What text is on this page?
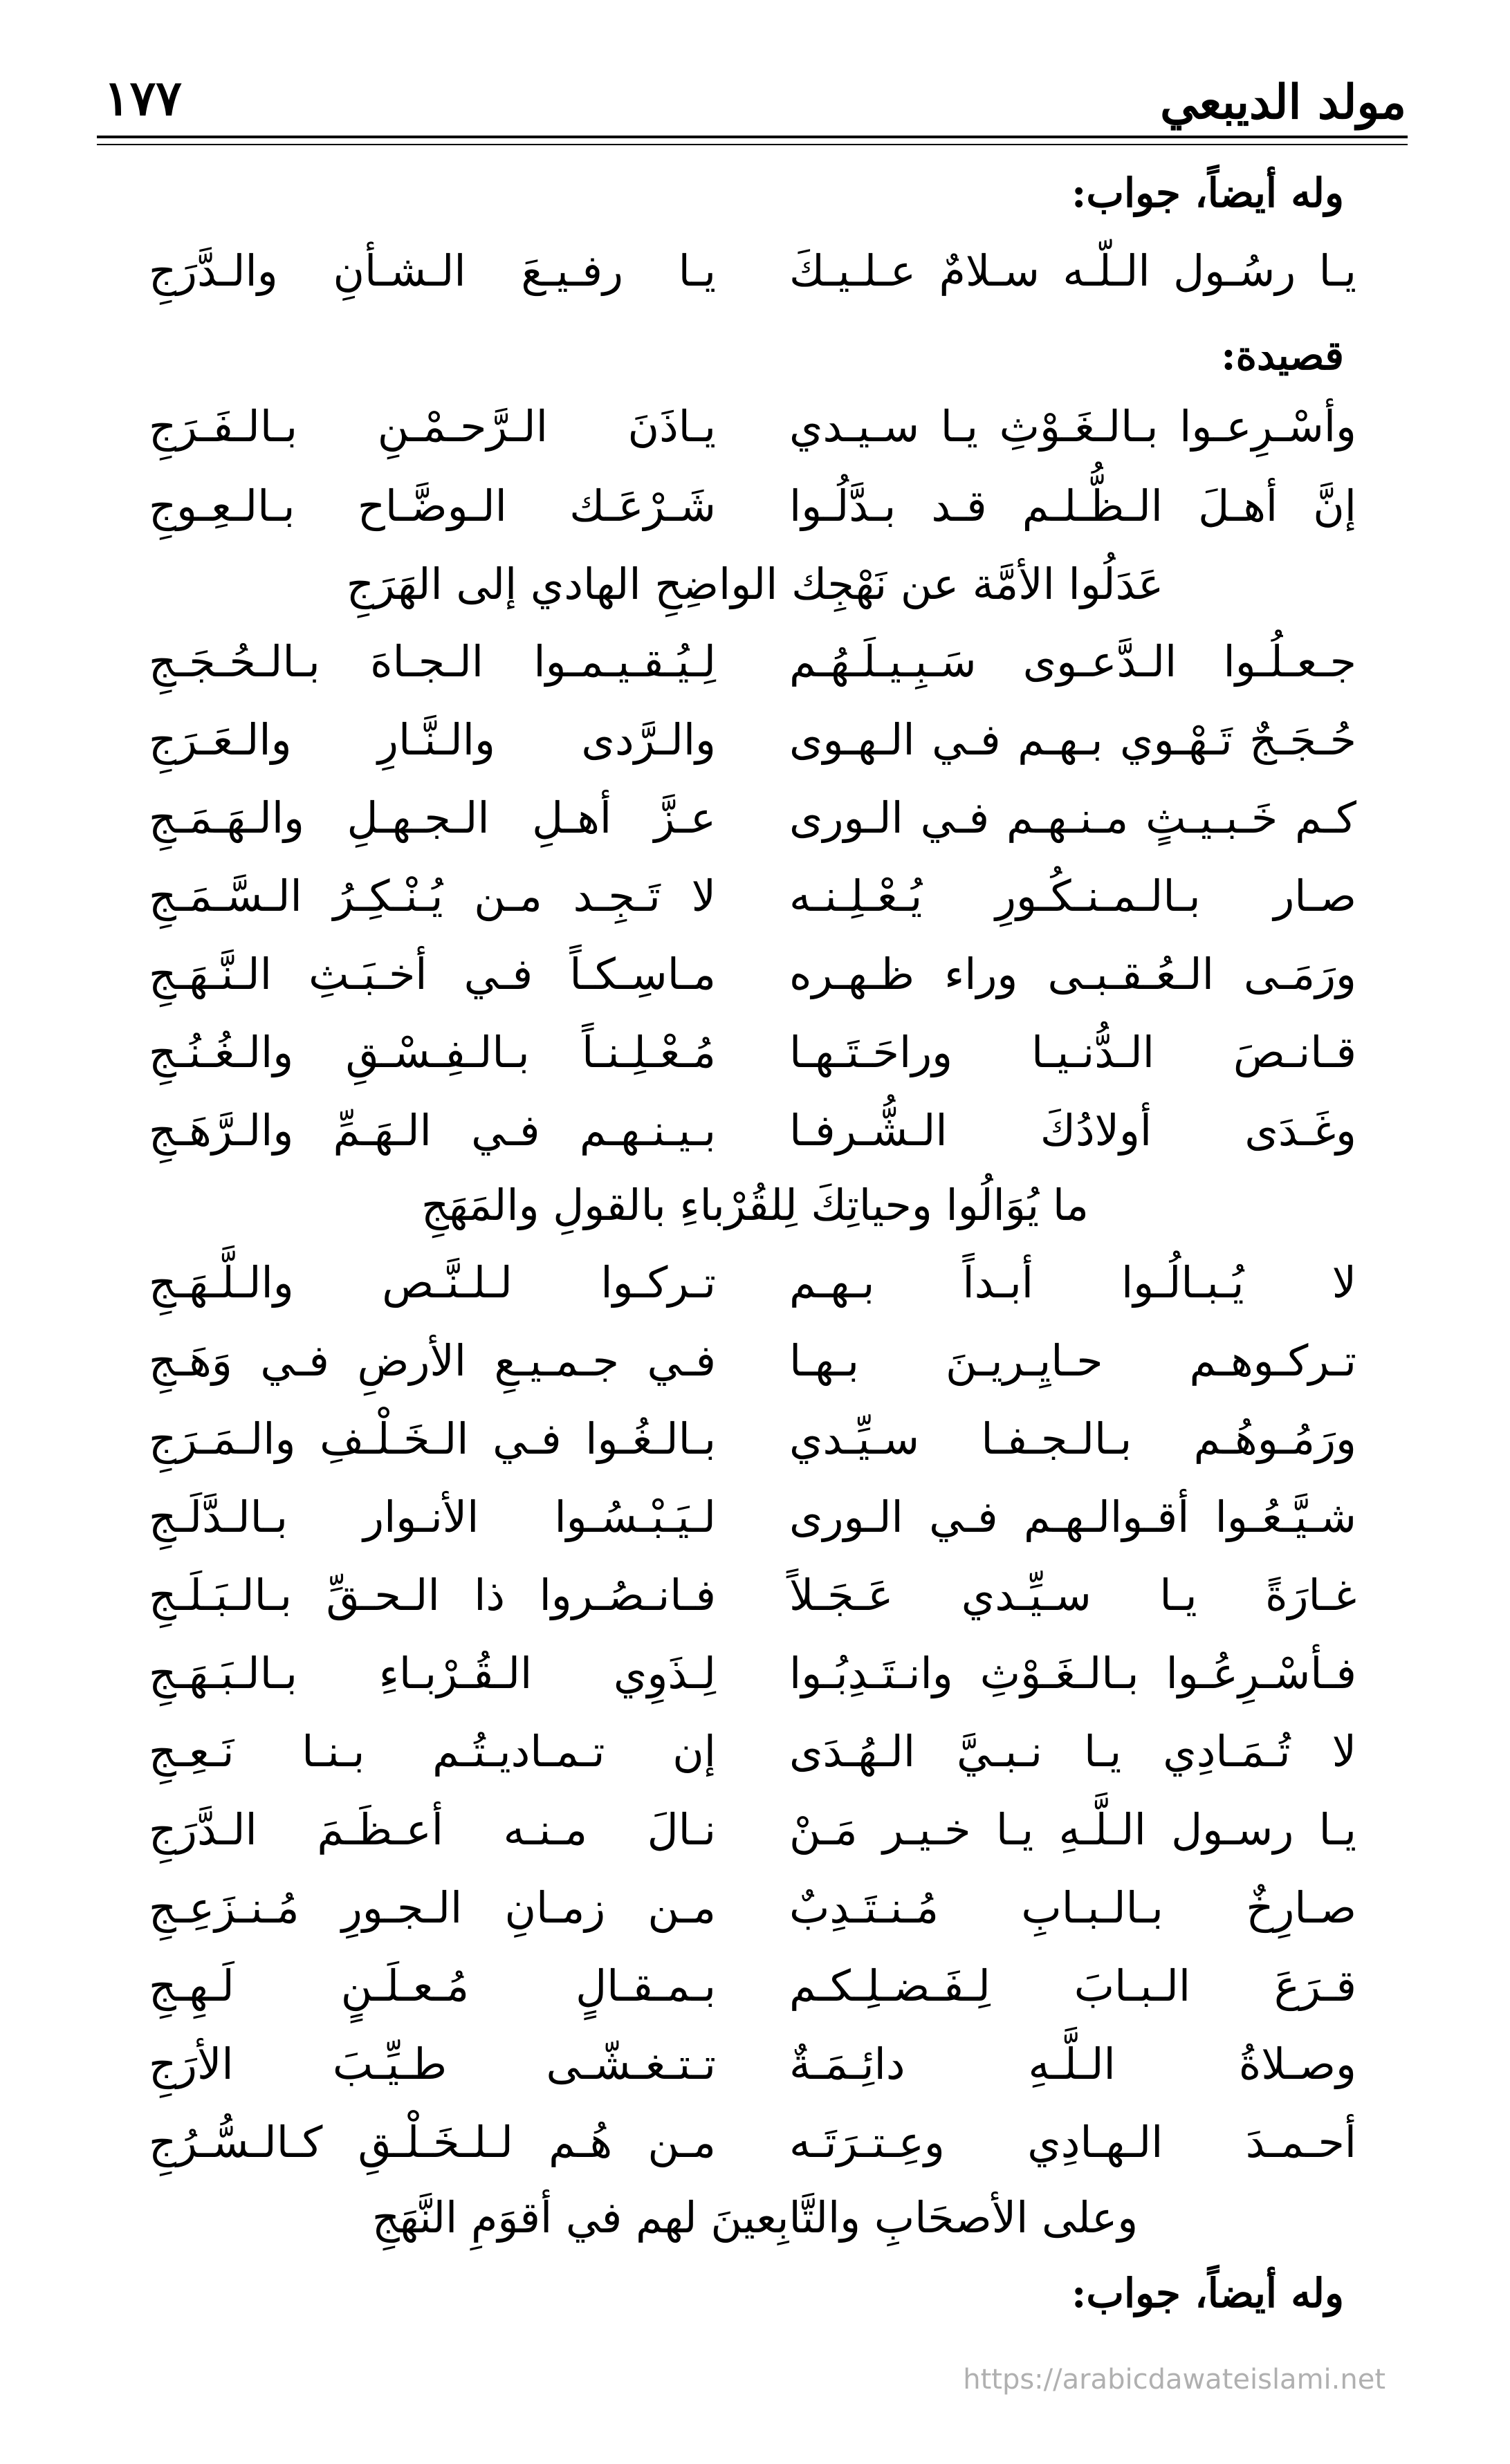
مولد الديبعي
١٧٧
وله أيضاً، جواب:
يـا رسُـول الـلّـه سـلامٌ عـلـيـكَ
يـا رفـيـعَ الـشـأنِ والـدَّرَجِ
قصيدة:
وأسْـرِعـوا بـالـغَـوْثِ يـا سـيـدي
يـاذَنَ الـرَّحـمْـنِ بـالـفَـرَجِ
إنَّ أهـلَ الـظُّـلـم قـد بـدَّلُـوا
شَـرْعَـك الـوضَّـاح بـالـعِـوجِ
عَدَلُوا الأمَّة عن نَهْجِك الواضِحِ الهادي إلى الهَرَجِ
جـعـلُـوا الـدَّعـوى سَـبِـيـلَـهُـم
لِـيُـقـيـمـوا الـجـاهَ بـالـحُـجَـجِ
حُـجَـجٌ تَـهْـوي بـهـم فـي الـهـوى
والـرَّدى والـنَّـارِ والـعَـرَجِ
كـم خَـبـيـثٍ مـنـهـم فـي الـورى
عـزَّ أهـلِ الـجـهـلِ والـهَـمَـجِ
صـار بـالـمـنـكُـورِ يُـعْـلِـنـه
لا تَـجِـد مـن يُـنْـكِـرُ الـسَّـمَـجِ
ورَمَـى الـعُـقـبـى وراء ظـهـره
مـاسِـكـاً فـي أخـبَـثِ الـنَّـهَـجِ
قـانـصَ الـدُّنـيـا وراحَـتَـهـا
مُـعْـلِـنـاً بـالـفِـسْـقِ والـغُـنُـجِ
وغَـدَى أولادُكَ الـشُّـرفـا
بـيـنـهـم فـي الـهَـمِّ والـرَّهَـجِ
ما يُوَالُوا وحياتِكَ لِلقُرْباءِ بالقولِ والمَهَجِ
لا يُـبـالُـوا أبـداً بـهـم
تـركـوا لـلـنَّـص والـلَّـهَـجِ
تـركـوهـم حـايِـريـنَ بـهـا
فـي جـمـيـعِ الأرضِ فـي وَهَـجِ
ورَمُـوهُـم بـالـجـفـا سـيِّـدي
بـالـغُـوا فـي الـخَـلْـفِ والـمَـرَجِ
شـيَّـعُـوا أقـوالـهـم فـي الـورى
لـيَـبْـسُـوا الأنـوار بـالـدَّلَـجِ
غـارَةً يـا سـيِّـدي عَـجَـلاً
فـانـصُـروا ذا الـحـقِّ بـالـبَـلَـجِ
فـأسْـرِعُـوا بـالـغَـوْثِ وانـتَـدِبُـوا
لِـذَوِي الـقُـرْبـاءِ بـالـبَـهَـجِ
لا تُـمَـادِي يـا نـبـيَّ الـهُـدَى
إن تـمـاديـتُـم بـنـا نَـعِـجِ
يـا رسـول الـلَّـهِ يـا خـيـر مَـنْ
نـالَ مـنـه أعـظَـمَ الـدَّرَجِ
صـارِخٌ بـالـبـابِ مُـنـتَـدِبٌ
مـن زمـانِ الـجـورِ مُـنـزَعِـجِ
قـرَعَ الـبـابَ لِـفَـضـلِـكـم
بـمـقـالٍ مُـعـلَـنٍ لَـهِـجِ
وصـلاةُ الـلَّـهِ دائِـمَـةٌ
تـتـغـشّـى طـيِّـبَ الأرَجِ
أحـمـدَ الـهـادِي وعِـتـرَتَـه
مـن هُـم لـلـخَـلْـقِ كـالـسُّـرُجِ
وعلى الأصحَابِ والتَّابِعينَ لهم في أقوَمِ النَّهَجِ
وله أيضاً، جواب:
https://arabicdawateislami.net
